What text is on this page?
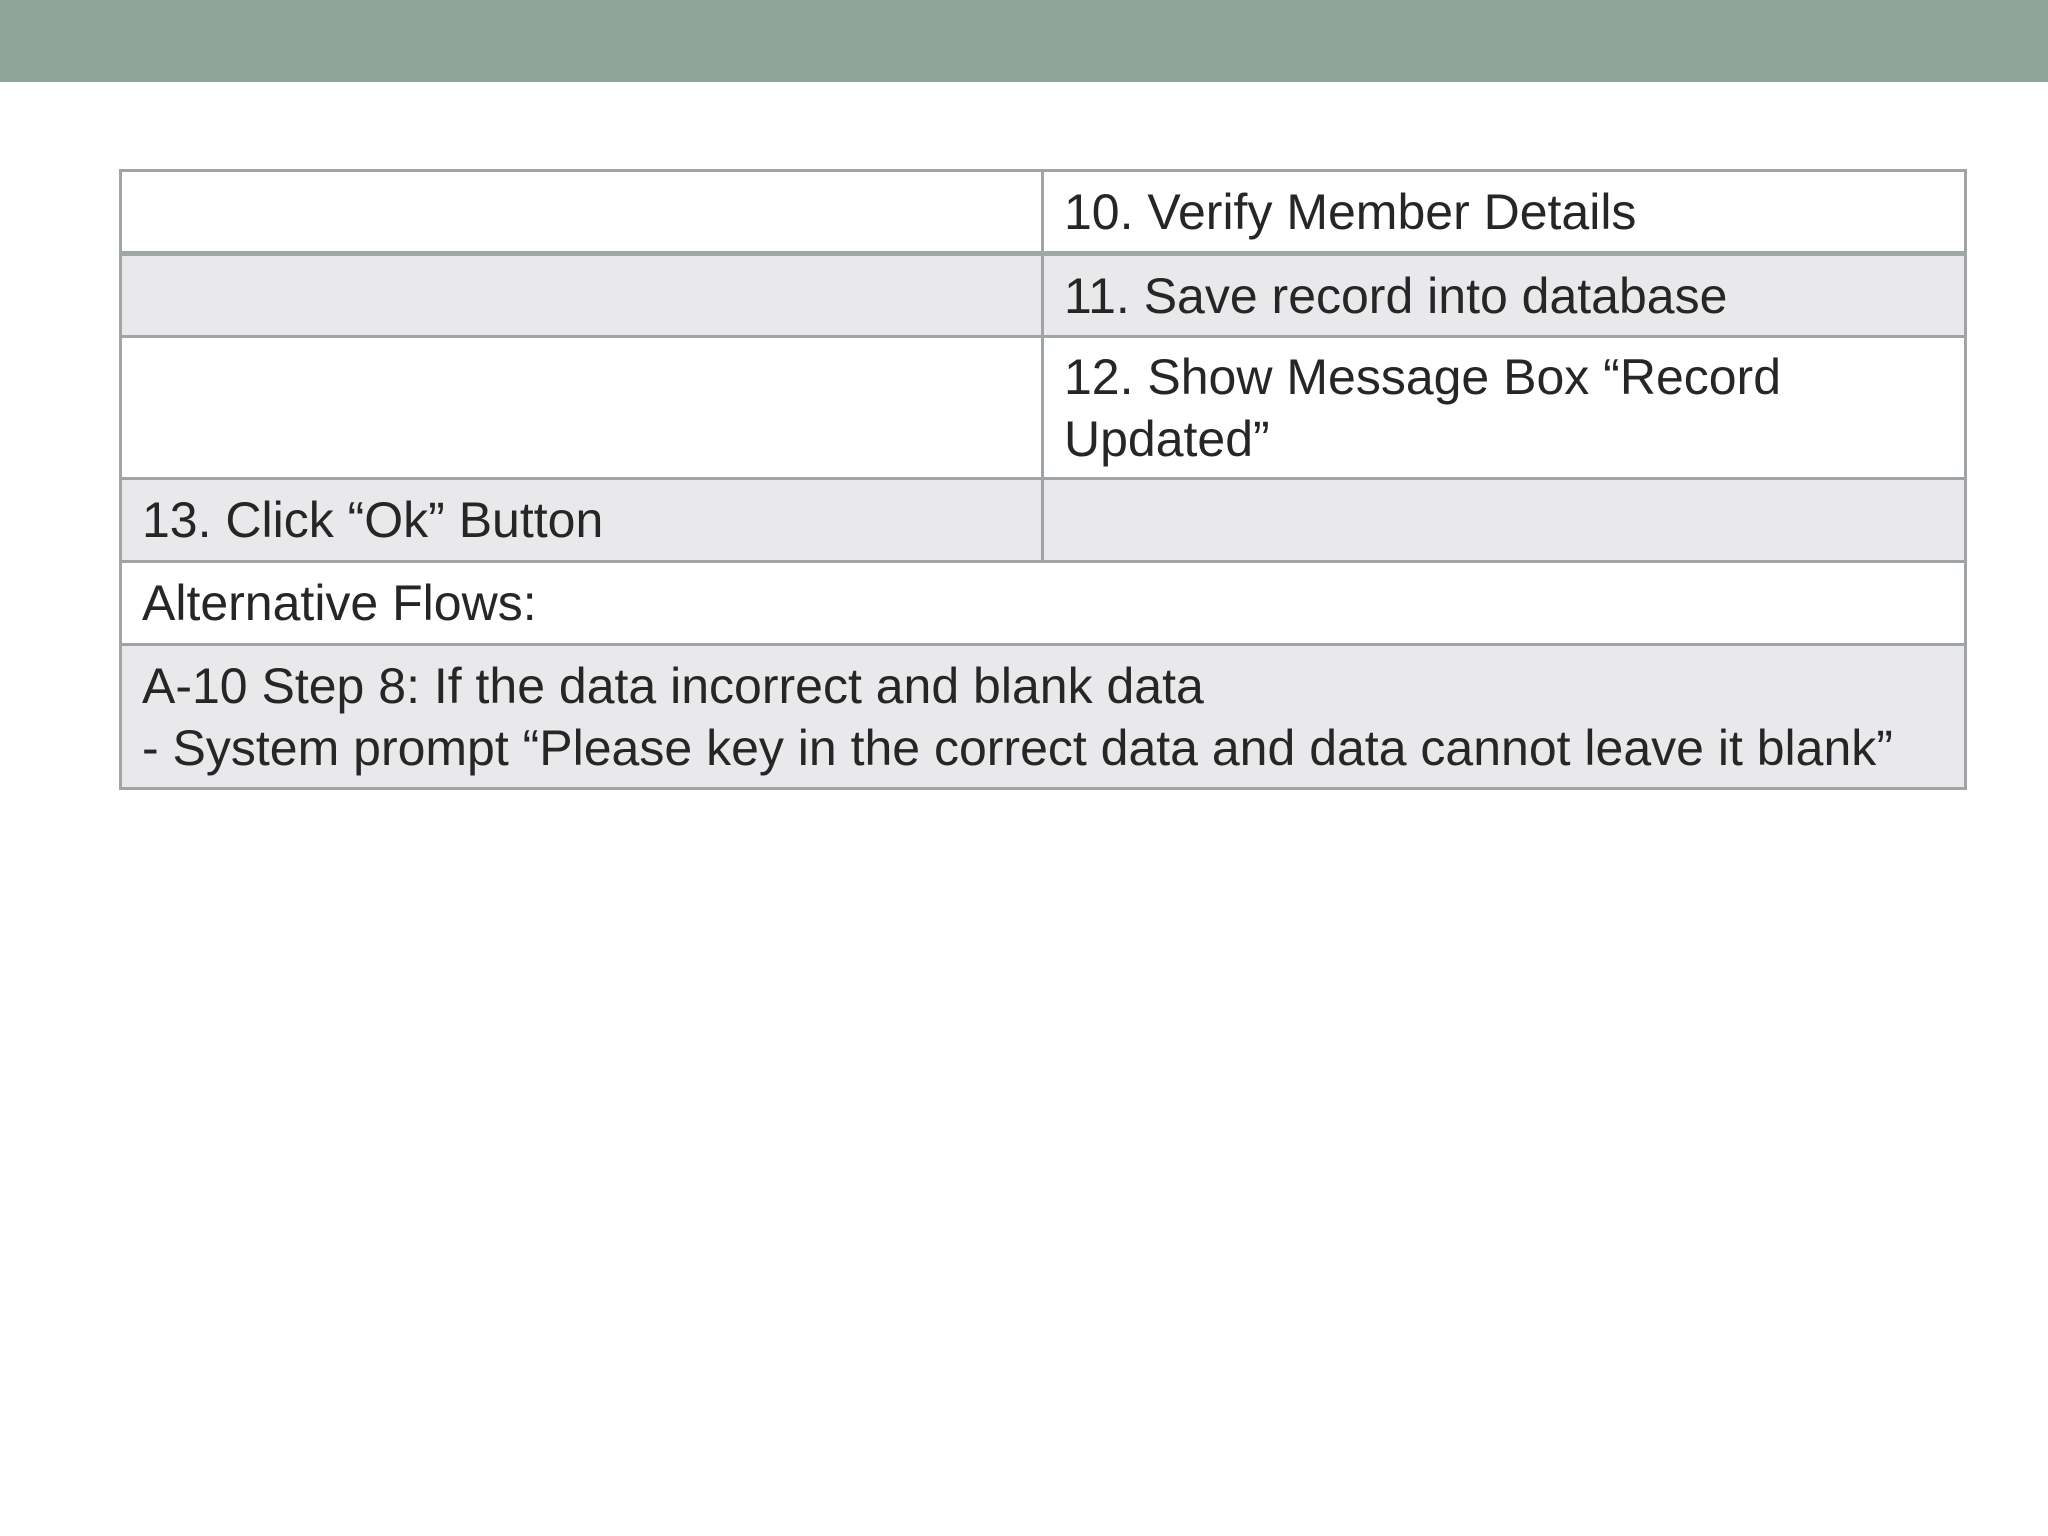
	10. Verify Member Details
	11. Save record into database
	12. Show Message Box “Record Updated”
13. Click “Ok” Button	
Alternative Flows:	

A-10 Step 8: If the data incorrect and blank data
- System prompt “Please key in the correct data and data cannot leave it blank”	
